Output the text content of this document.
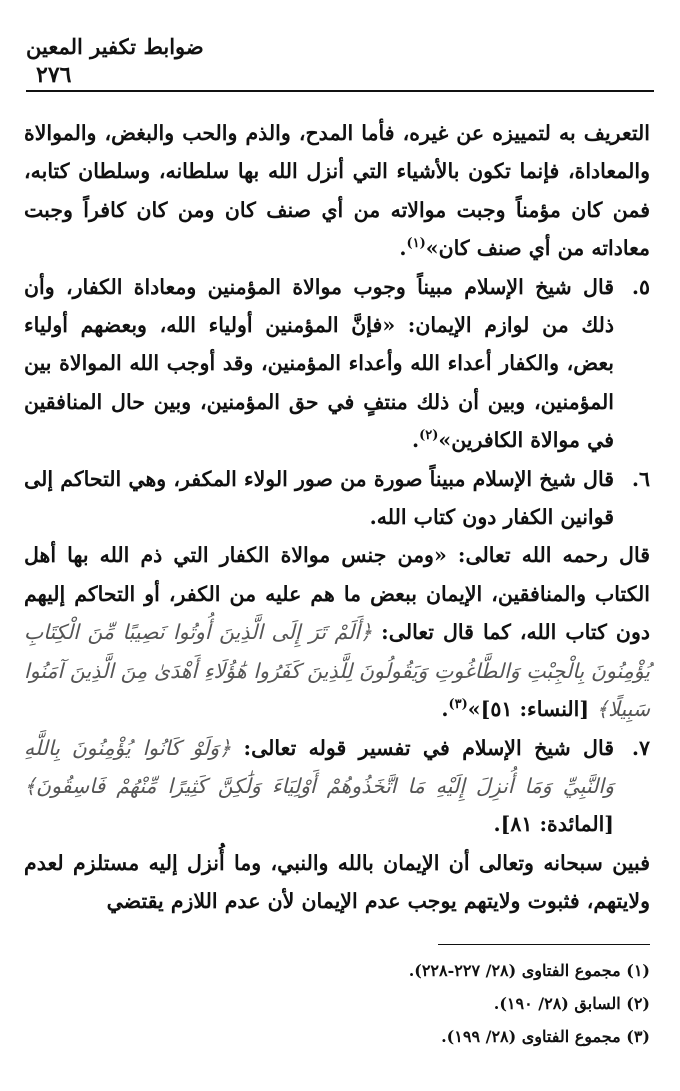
ضوابط تكفير المعين
٢٧٦

التعريف به لتمييزه عن غيره، فأما المدح، والذم والحب والبغض، والموالاة والمعاداة، فإنما تكون بالأشياء التي أنزل الله بها سلطانه، وسلطان كتابه، فمن كان مؤمناً وجبت موالاته من أي صنف كان ومن كان كافراً وجبت معاداته من أي صنف كان»$^{(١)}$.

٥.

قال شيخ الإسلام مبيناً وجوب موالاة المؤمنين ومعاداة الكفار، وأن ذلك من لوازم الإيمان: «فإنَّ المؤمنين أولياء الله، وبعضهم أولياء بعض، والكفار أعداء الله وأعداء المؤمنين، وقد أوجب الله الموالاة بين المؤمنين، وبين أن ذلك منتفٍ في حق المؤمنين، وبين حال المنافقين في موالاة الكافرين»$^{(٢)}$.

٦.

قال شيخ الإسلام مبيناً صورة من صور الولاء المكفر، وهي التحاكم إلى قوانين الكفار دون كتاب الله.

قال رحمه الله تعالى: «ومن جنس موالاة الكفار التي ذم الله بها أهل الكتاب والمنافقين، الإيمان ببعض ما هم عليه من الكفر، أو التحاكم إليهم دون كتاب الله، كما قال تعالى: ﴿أَلَمْ تَرَ إِلَى الَّذِينَ أُوتُوا نَصِيبًا مِّنَ الْكِتَابِ يُؤْمِنُونَ بِالْجِبْتِ وَالطَّاغُوتِ وَيَقُولُونَ لِلَّذِينَ كَفَرُوا هَٰؤُلَاءِ أَهْدَىٰ مِنَ الَّذِينَ آمَنُوا سَبِيلًا﴾ [النساء: ٥١]»$^{(٣)}$.

٧.

قال شيخ الإسلام في تفسير قوله تعالى: ﴿وَلَوْ كَانُوا يُؤْمِنُونَ بِاللَّهِ وَالنَّبِيِّ وَمَا أُنزِلَ إِلَيْهِ مَا اتَّخَذُوهُمْ أَوْلِيَاءَ وَلَٰكِنَّ كَثِيرًا مِّنْهُمْ فَاسِقُونَ﴾ [المائدة: ٨١].

فبين سبحانه وتعالى أن الإيمان بالله والنبي، وما أُنزل إليه مستلزم لعدم ولايتهم، فثبوت ولايتهم يوجب عدم الإيمان لأن عدم اللازم يقتضي

(١) مجموع الفتاوى (٢٨/ ٢٢٧-٢٢٨).
(٢) السابق (٢٨/ ١٩٠).
(٣) مجموع الفتاوى (٢٨/ ١٩٩).
